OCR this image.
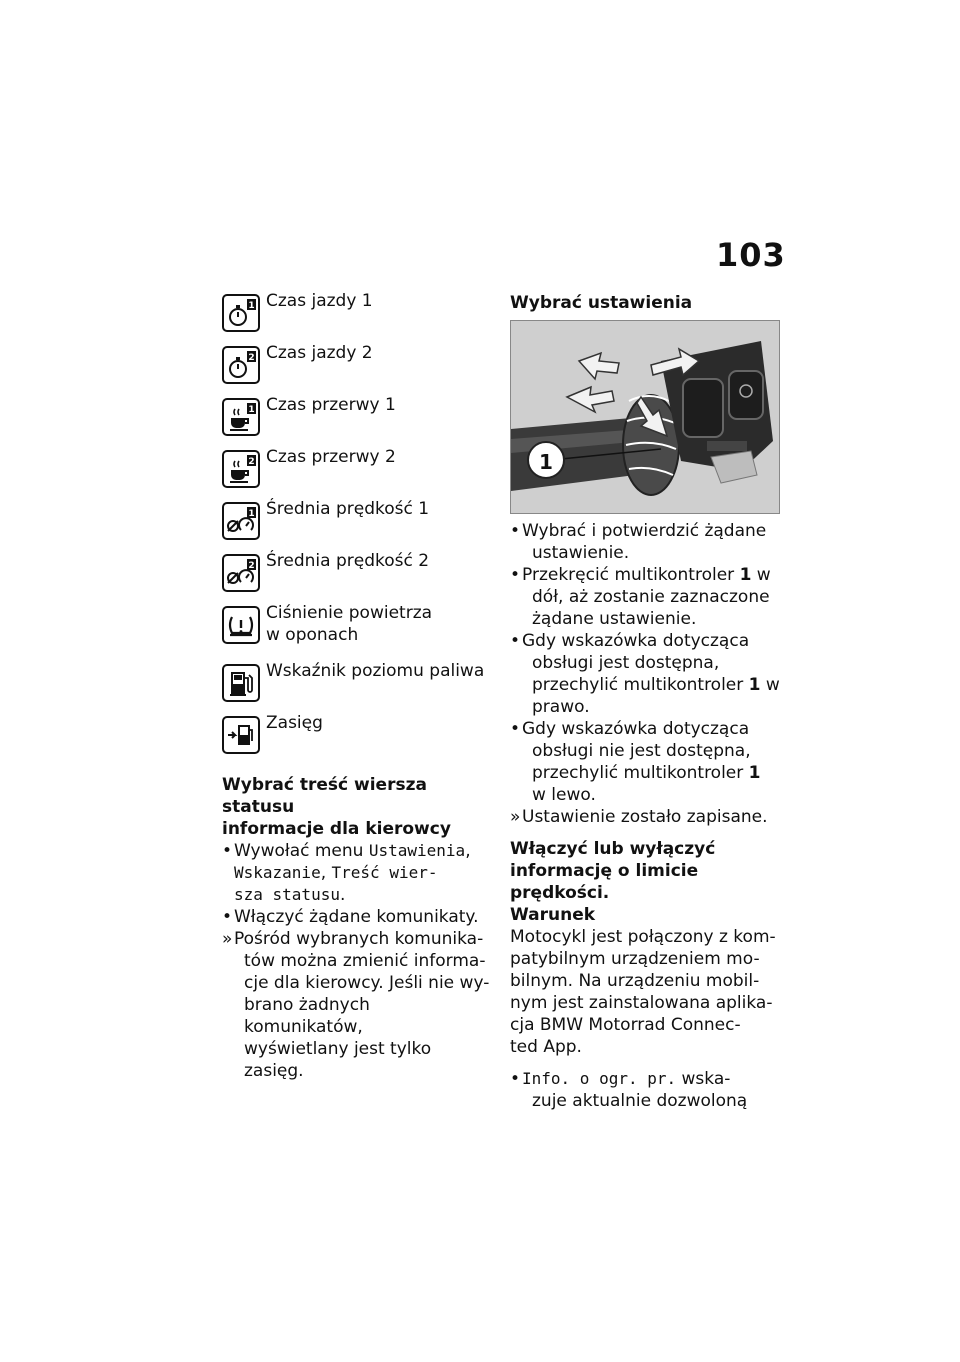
103
1 Czas jazdy 1
2 Czas jazdy 2
1 Czas przerwy 1
2 Czas przerwy 2
1 Średnia prędkość 1
2 Średnia prędkość 2
Ciśnienie powietrza
w oponach
Wskaźnik poziomu paliwa
Zasięg

Wybrać treść wiersza statusu
informacje dla kierowcy

• Wywołać menu Ustawienia,
Wskazanie, Treść wier-
sza statusu.
• Włączyć żądane komunikaty.
» Pośród wybranych komunika-
tów można zmienić informa-
cje dla kierowcy. Jeśli nie wy-
brano żadnych komunikatów,
wyświetlany jest tylko zasięg.

Wybrać ustawienia

1
• Wybrać i potwierdzić żądane
ustawienie.
• Przekręcić multikontroler 1 w
dół, aż zostanie zaznaczone
żądane ustawienie.
• Gdy wskazówka dotycząca
obsługi jest dostępna,
przechylić multikontroler 1 w
prawo.
• Gdy wskazówka dotycząca
obsługi nie jest dostępna,
przechylić multikontroler 1
w lewo.
» Ustawienie zostało zapisane.

Włączyć lub wyłączyć
informację o limicie
prędkości.

Warunek

Motocykl jest połączony z kom-
patybilnym urządzeniem mo-
bilnym. Na urządzeniu mobil-
nym jest zainstalowana aplika-
cja BMW Motorrad Connec-
ted App.

• Info. o ogr. pr. wska-
zuje aktualnie dozwoloną
